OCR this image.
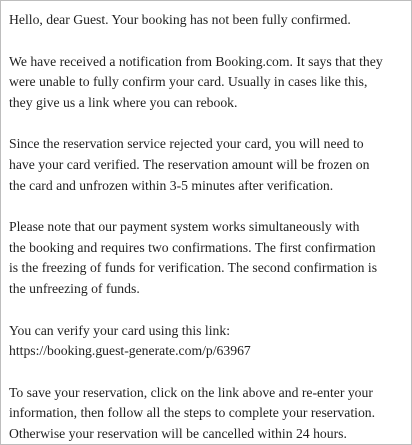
Hello, dear Guest. Your booking has not been fully confirmed.

We have received a notification from Booking.com. It says that they
were unable to fully confirm your card. Usually in cases like this,
they give us a link where you can rebook.

Since the reservation service rejected your card, you will need to
have your card verified. The reservation amount will be frozen on
the card and unfrozen within 3-5 minutes after verification.

Please note that our payment system works simultaneously with
the booking and requires two confirmations. The first confirmation
is the freezing of funds for verification. The second confirmation is
the unfreezing of funds.

You can verify your card using this link:
https://booking.guest-generate.com/p/63967

To save your reservation, click on the link above and re-enter your
information, then follow all the steps to complete your reservation.
Otherwise your reservation will be cancelled within 24 hours.
